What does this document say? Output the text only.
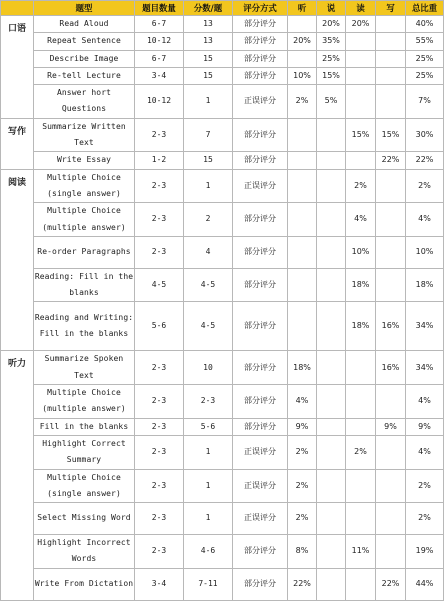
	题型	题目数量	分数/题	评分方式	听	说	读	写	总比重
口语	Read Aloud	6-7	13	部分评分		20%	20%		40%
	Repeat Sentence	10-12	13	部分评分	20%	35%			55%
	Describe Image	6-7	15	部分评分		25%			25%
	Re-tell Lecture	3-4	15	部分评分	10%	15%			25%
	Answer hort Questions	10-12	1	正误评分	2%	5%			7%
写作	Summarize Written Text	2-3	7	部分评分			15%	15%	30%
	Write Essay	1-2	15	部分评分				22%	22%
阅读	Multiple Choice (single answer)	2-3	1	正误评分			2%		2%
	Multiple Choice (multiple answer)	2-3	2	部分评分			4%		4%
	Re-order Paragraphs	2-3	4	部分评分			10%		10%
	Reading: Fill in the blanks	4-5	4-5	部分评分			18%		18%
	Reading and Writing: Fill in the blanks	5-6	4-5	部分评分			18%	16%	34%
听力	Summarize Spoken Text	2-3	10	部分评分	18%			16%	34%
	Multiple Choice (multiple answer)	2-3	2-3	部分评分	4%				4%
	Fill in the blanks	2-3	5-6	部分评分	9%			9%	9%
	Highlight Correct Summary	2-3	1	正误评分	2%		2%		4%
	Multiple Choice (single answer)	2-3	1	正误评分	2%				2%
	Select Missing Word	2-3	1	正误评分	2%				2%
	Highlight Incorrect Words	2-3	4-6	部分评分	8%		11%		19%
	Write From Dictation	3-4	7-11	部分评分	22%			22%	44%
